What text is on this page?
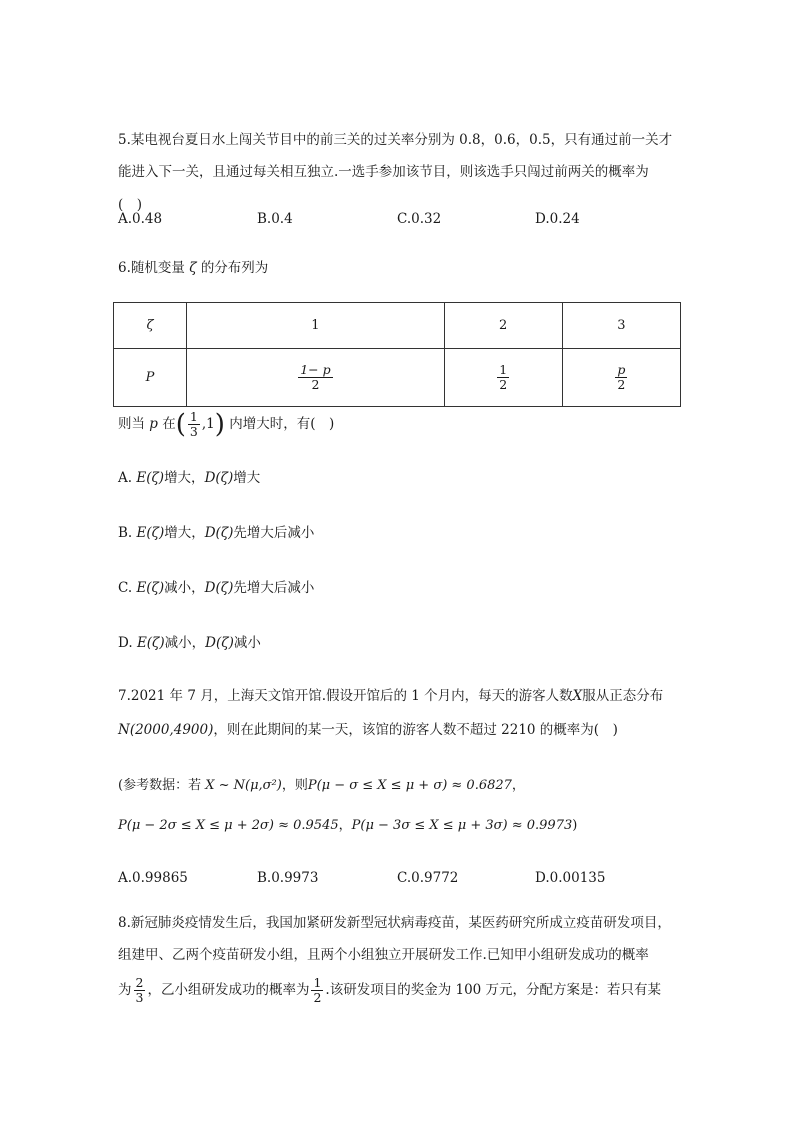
5.某电视台夏日水上闯关节目中的前三关的过关率分别为 0.8，0.6，0.5，只有通过前一关才
能进入下一关，且通过每关相互独立.一选手参加该节目，则该选手只闯过前两关的概率为
(　)
A.0.48	B.0.4	C.0.32	D.0.24
6.随机变量 ζ 的分布列为
ζ	1	2	3
P	$\frac{1- p}{2}$	$\frac{1}{2}$	$\frac{p}{2}$
则当 p 在( $\frac{1}{3} ,1$) 内增大时，有(　)
A. E(ζ)增大，D(ζ)增大
B. E(ζ)增大，D(ζ)先增大后减小
C. E(ζ)减小，D(ζ)先增大后减小
D. E(ζ)减小，D(ζ)减小
7.2021 年 7 月，上海天文馆开馆.假设开馆后的 1 个月内，每天的游客人数X服从正态分布
N(2000,4900)，则在此期间的某一天，该馆的游客人数不超过 2210 的概率为(　)
(参考数据：若 X ~ N(μ,σ²)，则P(μ − σ ≤ X ≤ μ + σ) ≈ 0.6827，
P(μ − 2σ ≤ X ≤ μ + 2σ) ≈ 0.9545，P(μ − 3σ ≤ X ≤ μ + 3σ) ≈ 0.9973)
A.0.99865	B.0.9973	C.0.9772	D.0.00135
8.新冠肺炎疫情发生后，我国加紧研发新型冠状病毒疫苗，某医药研究所成立疫苗研发项目，
组建甲、乙两个疫苗研发小组，且两个小组独立开展研发工作.已知甲小组研发成功的概率
为 $\frac{2}{3}$ ，乙小组研发成功的概率为 $\frac{1}{2}$ .该研发项目的奖金为 100 万元，分配方案是：若只有某
